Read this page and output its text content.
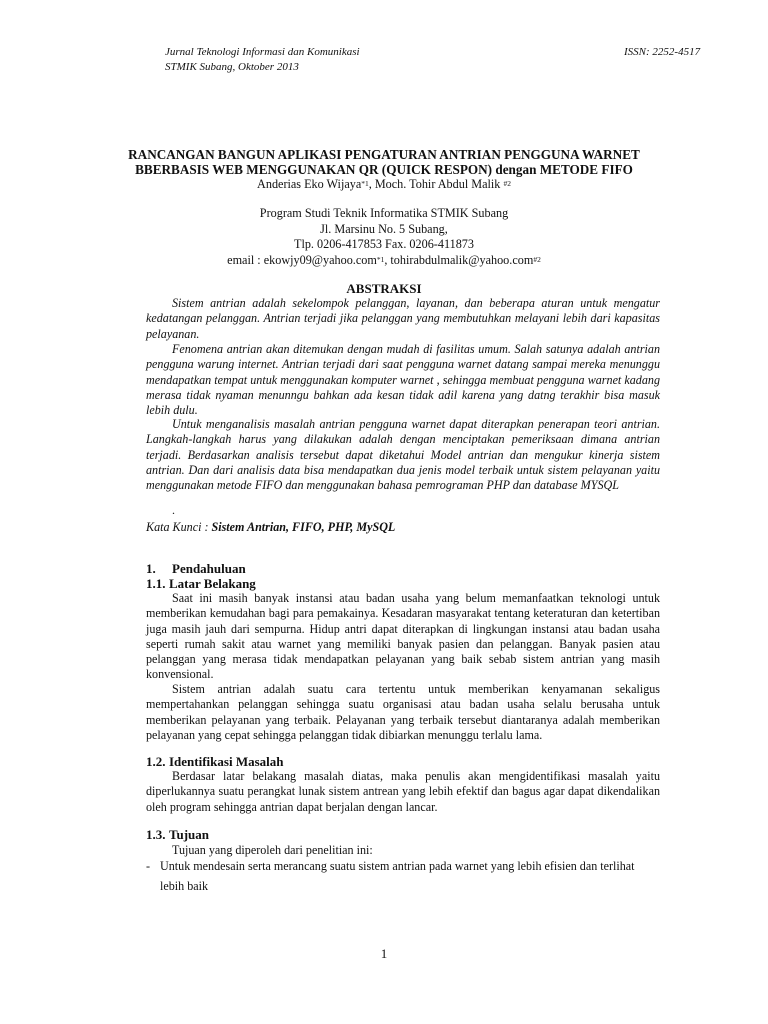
Jurnal Teknologi Informasi dan Komunikasi
STMIK Subang, Oktober 2013
ISSN: 2252-4517
RANCANGAN BANGUN APLIKASI PENGATURAN ANTRIAN PENGGUNA WARNET
BBERBASIS WEB MENGGUNAKAN QR (QUICK RESPON) dengan METODE FIFO
Anderias Eko Wijaya$^{*1}$, Moch. Tohir Abdul Malik $^{\#2}$
Program Studi Teknik Informatika STMIK Subang
Jl. Marsinu No. 5 Subang,
Tlp. 0206-417853 Fax. 0206-411873
email : ekowjy09@yahoo.com$^{*1}$, tohirabdulmalik@yahoo.com$^{\#2}$
ABSTRAKSI
Sistem antrian adalah sekelompok pelanggan, layanan, dan beberapa aturan untuk mengatur kedatangan pelanggan. Antrian terjadi jika pelanggan yang membutuhkan melayani lebih dari kapasitas pelayanan.
Fenomena antrian akan ditemukan dengan mudah di fasilitas umum. Salah satunya adalah antrian pengguna warung internet. Antrian terjadi dari saat pengguna warnet datang sampai mereka menunggu mendapatkan tempat untuk menggunakan komputer warnet , sehingga membuat pengguna warnet kadang merasa tidak nyaman menunngu bahkan ada kesan tidak adil karena yang datng terakhir bisa masuk lebih dulu.
Untuk menganalisis masalah antrian pengguna warnet dapat diterapkan penerapan teori antrian. Langkah-langkah harus yang dilakukan adalah dengan menciptakan pemeriksaan dimana antrian terjadi. Berdasarkan analisis tersebut dapat diketahui Model antrian dan mengukur kinerja sistem antrian. Dan dari analisis data bisa mendapatkan dua jenis model terbaik untuk sistem pelayanan yaitu menggunakan metode FIFO dan menggunakan bahasa pemrograman PHP dan database MYSQL
.
Kata Kunci : Sistem Antrian, FIFO, PHP, MySQL
1. Pendahuluan
1.1. Latar Belakang
Saat ini masih banyak instansi atau badan usaha yang belum memanfaatkan teknologi untuk memberikan kemudahan bagi para pemakainya. Kesadaran masyarakat tentang keteraturan dan ketertiban juga masih jauh dari sempurna. Hidup antri dapat diterapkan di lingkungan instansi atau badan usaha seperti rumah sakit atau warnet yang memiliki banyak pasien dan pelanggan. Banyak pasien atau pelanggan yang merasa tidak mendapatkan pelayanan yang baik sebab sistem antrian yang masih konvensional.
Sistem antrian adalah suatu cara tertentu untuk memberikan kenyamanan sekaligus mempertahankan pelanggan sehingga suatu organisasi atau badan usaha selalu berusaha untuk memberikan pelayanan yang terbaik. Pelayanan yang terbaik tersebut diantaranya adalah memberikan pelayanan yang cepat sehingga pelanggan tidak dibiarkan menunggu terlalu lama.
1.2. Identifikasi Masalah
Berdasar latar belakang masalah diatas, maka penulis akan mengidentifikasi masalah yaitu diperlukannya suatu perangkat lunak sistem antrean yang lebih efektif dan bagus agar dapat dikendalikan oleh program sehingga antrian dapat berjalan dengan lancar.
1.3. Tujuan
Tujuan yang diperoleh dari penelitian ini:
- Untuk mendesain serta merancang suatu sistem antrian pada warnet yang lebih efisien dan terlihat
lebih baik
1
